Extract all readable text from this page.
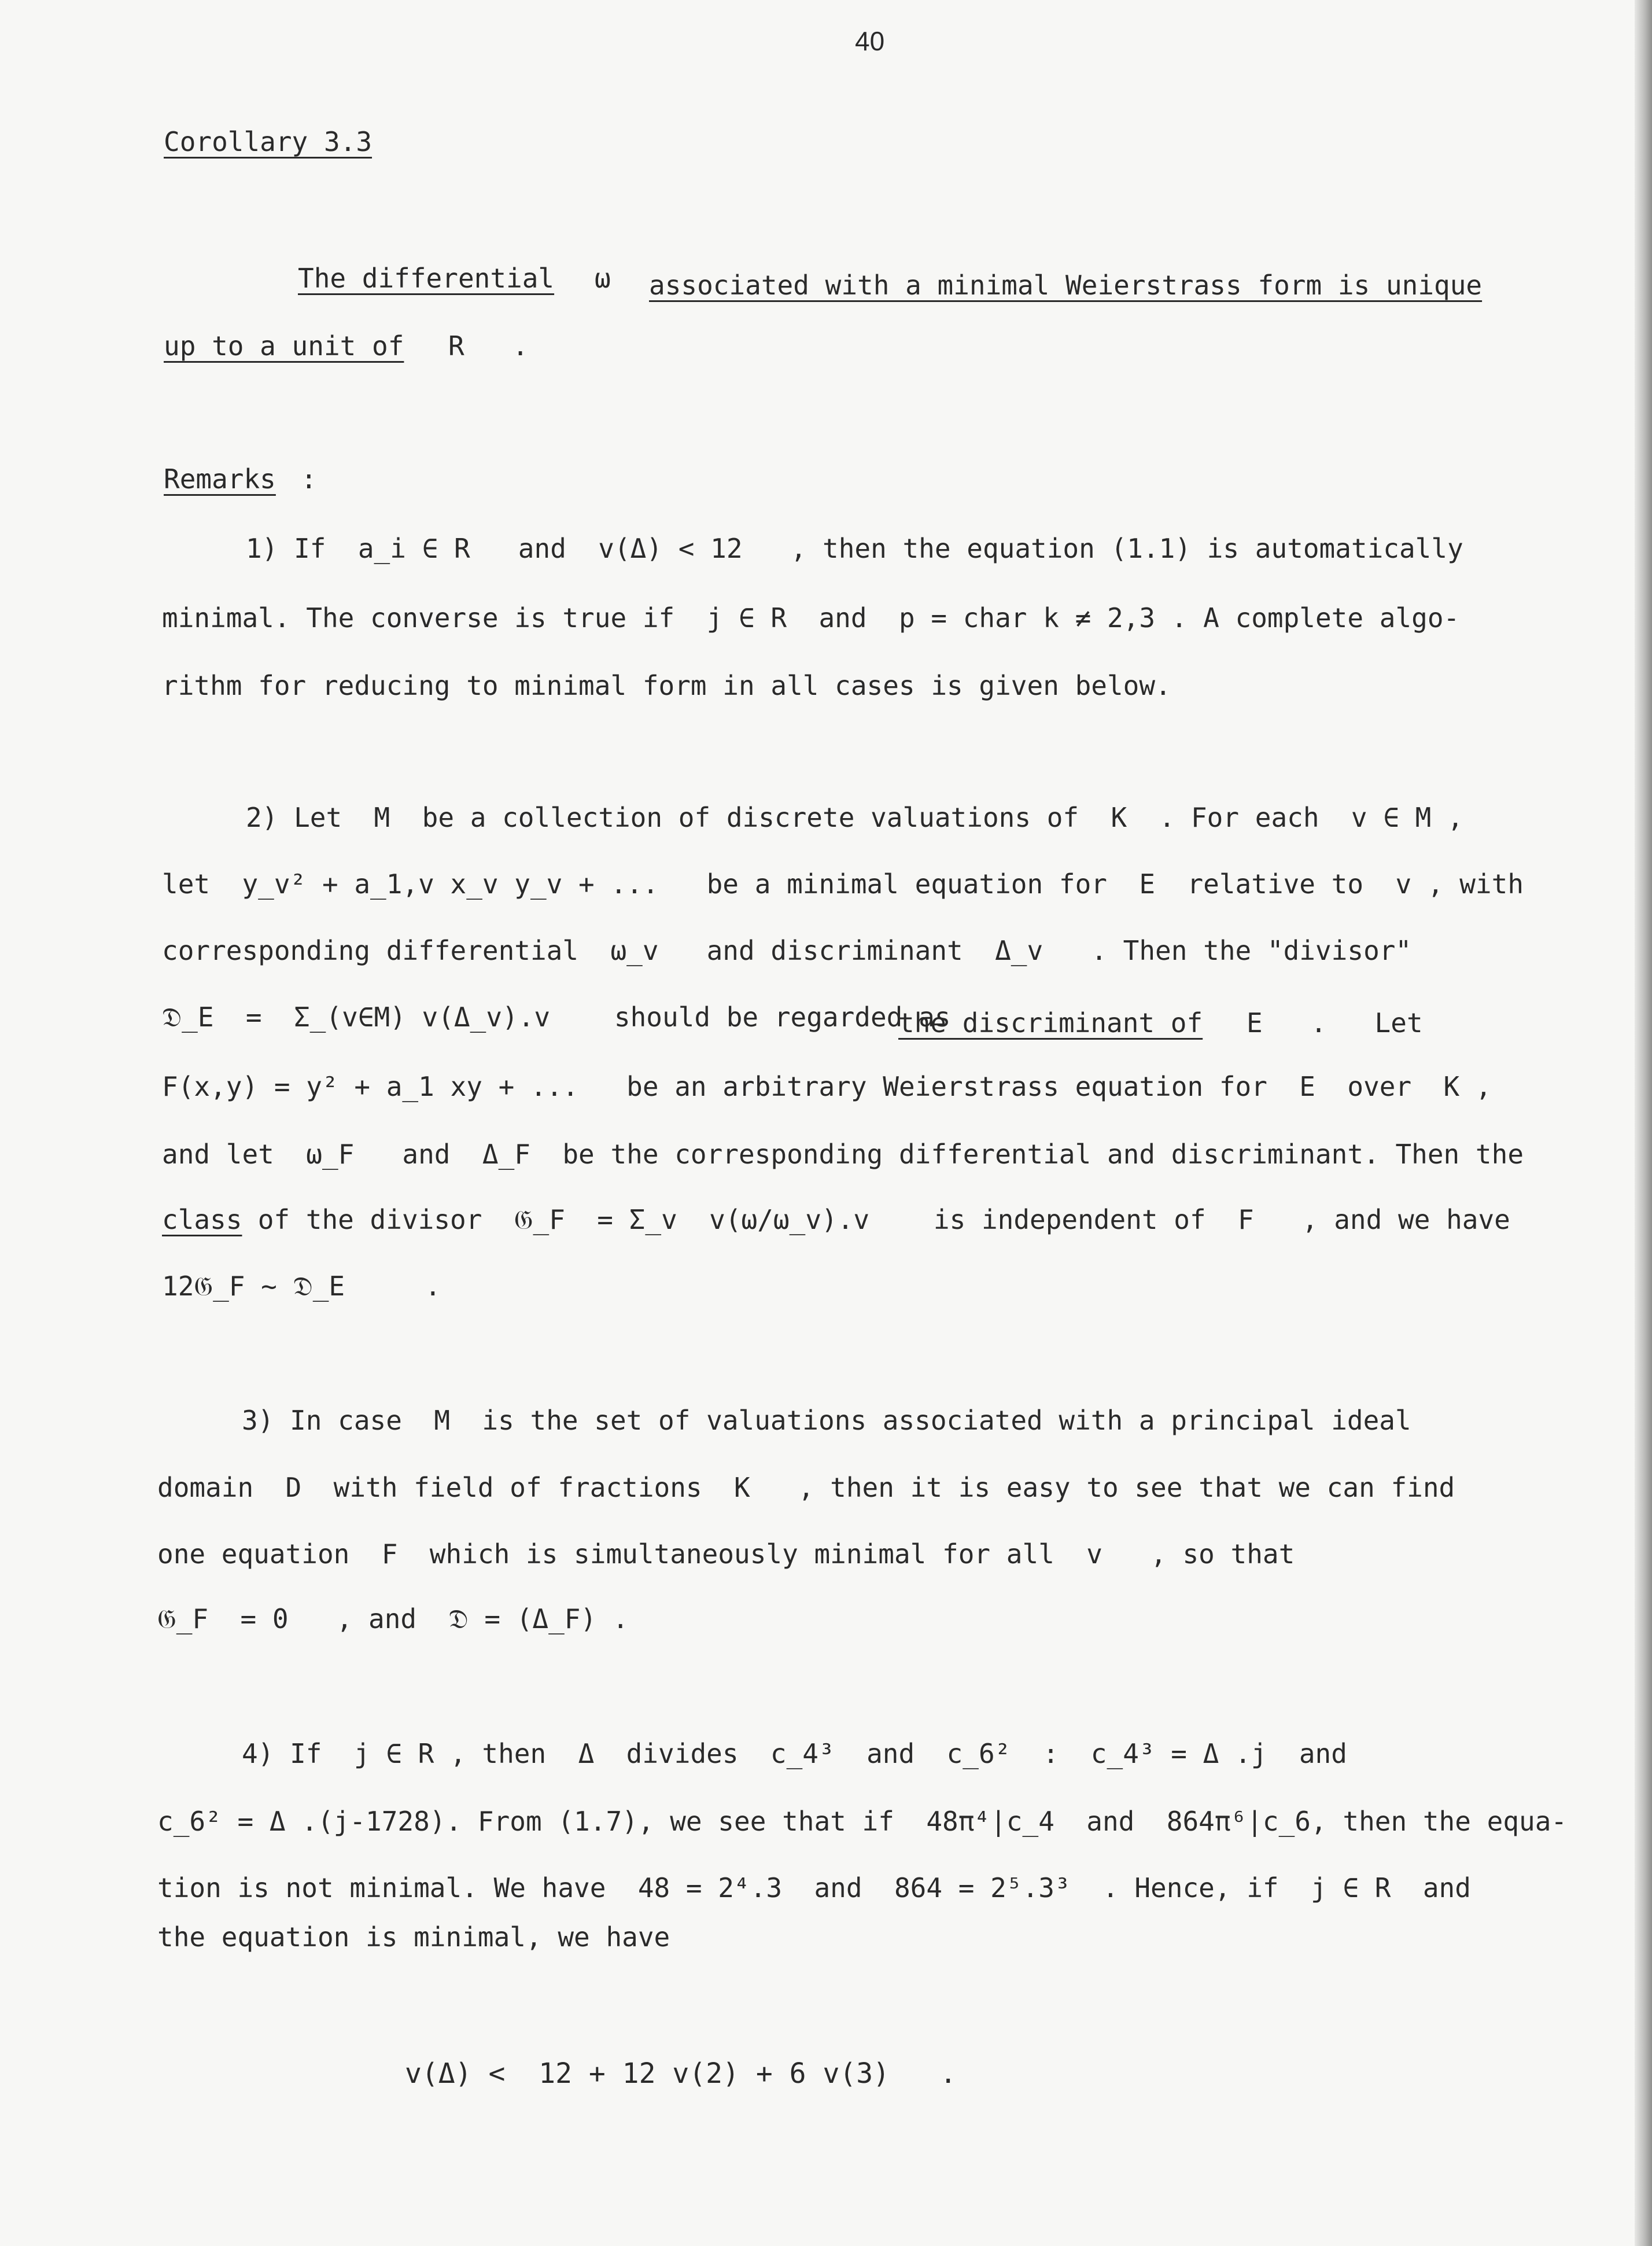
40
Corollary 3.3
The differential ω associated with a minimal Weierstrass form is unique
up to a unit of R   .
Remarks :
1) If  a_i ∈ R   and  v(Δ) < 12   , then the equation (1.1) is automatically
minimal. The converse is true if  j ∈ R  and  p = char k ≠ 2,3 . A complete algo-
rithm for reducing to minimal form in all cases is given below.
2) Let  M  be a collection of discrete valuations of  K  . For each  v ∈ M ,
let  y_v² + a_1,v x_v y_v + ...   be a minimal equation for  E  relative to  v , with
corresponding differential  ω_v   and discriminant  Δ_v   . Then the "divisor"
𝔇_E  =  Σ_(v∈M) v(Δ_v).v    should be regarded as
the discriminant of E   .   Let
F(x,y) = y² + a_1 xy + ...   be an arbitrary Weierstrass equation for  E  over  K ,
and let  ω_F   and  Δ_F  be the corresponding differential and discriminant. Then the
class of the divisor  𝔊_F  = Σ_v  v(ω/ω_v).v    is independent of  F   , and we have
12𝔊_F ~ 𝔇_E     .
3) In case  M  is the set of valuations associated with a principal ideal
domain  D  with field of fractions  K   , then it is easy to see that we can find
one equation  F  which is simultaneously minimal for all  v   , so that
𝔊_F  = 0   , and  𝔇 = (Δ_F) .
4) If  j ∈ R , then  Δ  divides  c_4³  and  c_6²  :  c_4³ = Δ .j  and
c_6² = Δ .(j-1728). From (1.7), we see that if  48π⁴|c_4  and  864π⁶|c_6, then the equa-
tion is not minimal. We have  48 = 2⁴.3  and  864 = 2⁵.3³  . Hence, if  j ∈ R  and
the equation is minimal, we have
v(Δ) <  12 + 12 v(2) + 6 v(3)   .
